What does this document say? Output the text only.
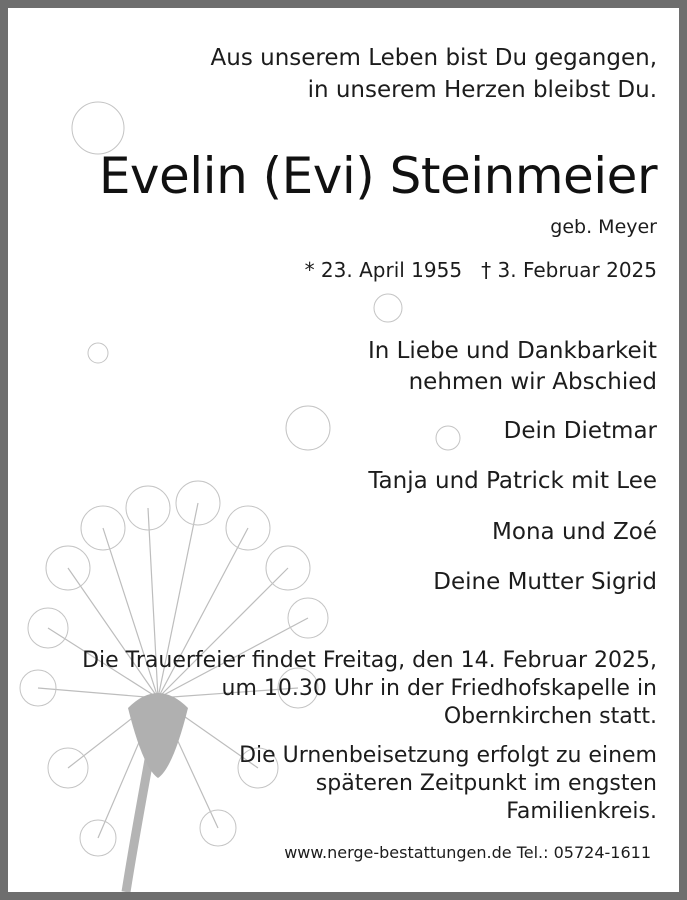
Aus unserem Leben bist Du gegangen,
in unserem Herzen bleibst Du.
Evelin (Evi) Steinmeier
geb. Meyer
* 23. April 1955 † 3. Februar 2025
In Liebe und Dankbarkeit
nehmen wir Abschied
Dein Dietmar
Tanja und Patrick mit Lee
Mona und Zoé
Deine Mutter Sigrid
Die Trauerfeier findet Freitag, den 14. Februar 2025,
um 10.30 Uhr in der Friedhofskapelle in
Obernkirchen statt.
Die Urnenbeisetzung erfolgt zu einem
späteren Zeitpunkt im engsten
Familienkreis.
www.nerge-bestattungen.de Tel.: 05724-1611
